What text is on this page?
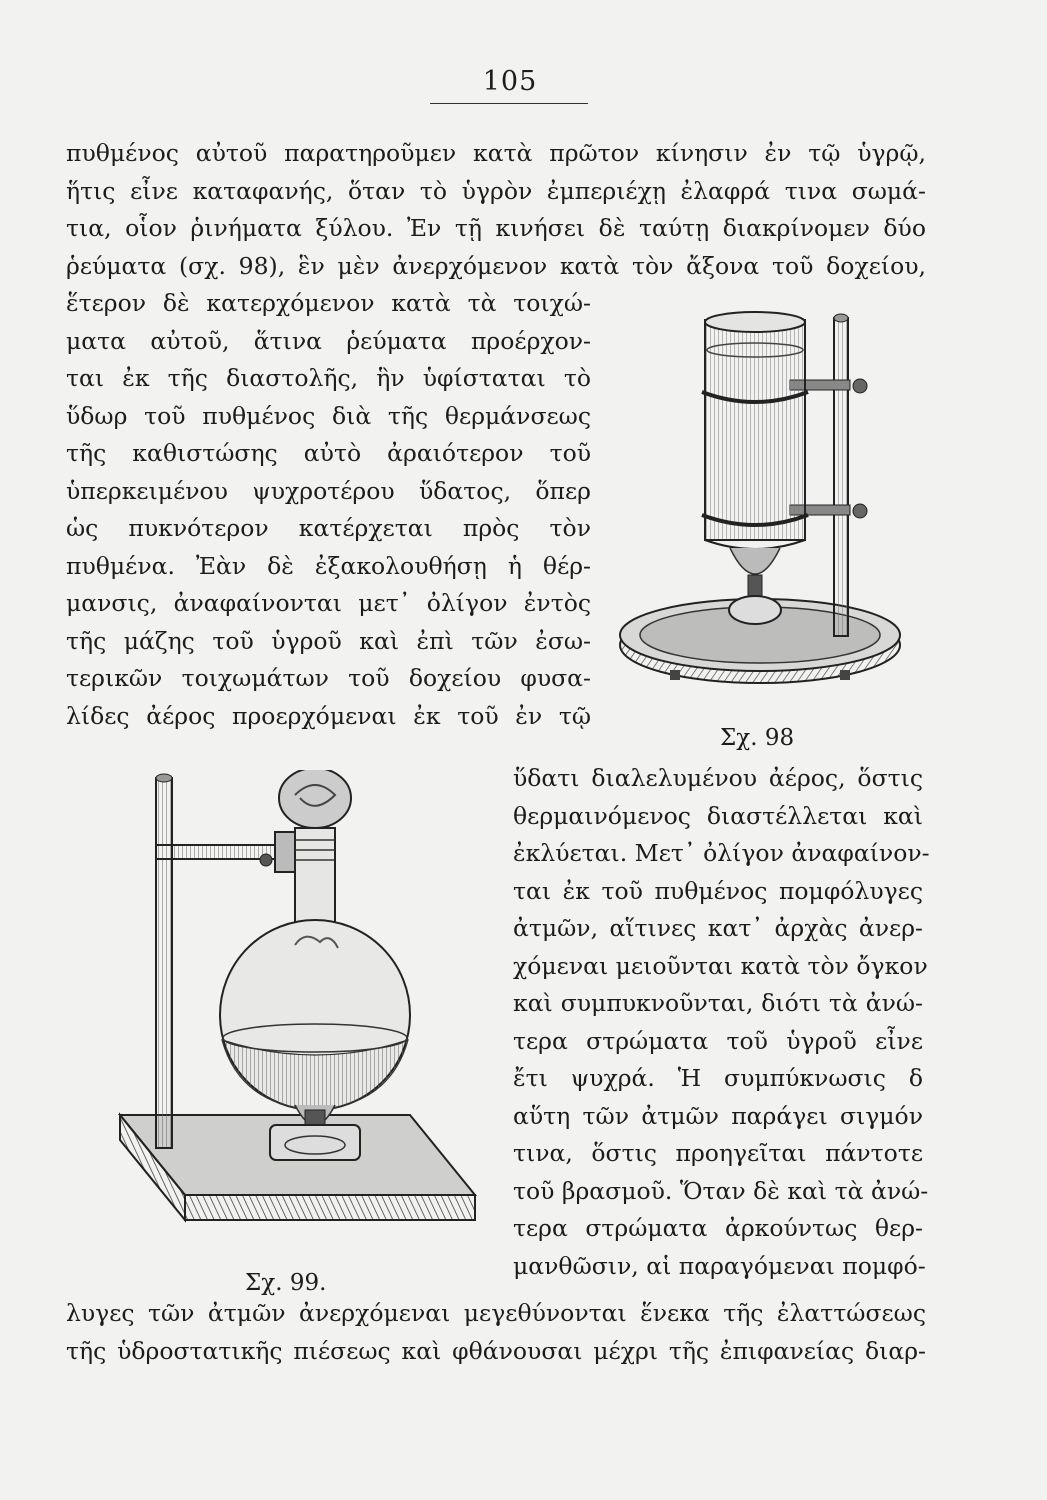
105
πυθμένος αὐτοῦ παρατηροῦμεν κατὰ πρῶτον κίνησιν ἐν τῷ ὑγρῷ,
ἥτις εἶνε καταφανής, ὅταν τὸ ὑγρὸν ἐμπεριέχῃ ἐλαφρά τινα σωμά-
τια, οἷον ῥινήματα ξύλου. Ἐν τῇ κινήσει δὲ ταύτῃ διακρίνομεν δύο
ῥεύματα (σχ. 98), ἓν μὲν ἀνερχόμενον κατὰ τὸν ἄξονα τοῦ δοχείου,
ἕτερον δὲ κατερχόμενον κατὰ τὰ τοιχώ-
ματα αὐτοῦ, ἅτινα ῥεύματα προέρχον-
ται ἐκ τῆς διαστολῆς, ἣν ὑφίσταται τὸ
ὕδωρ τοῦ πυθμένος διὰ τῆς θερμάνσεως
τῆς καθιστώσης αὐτὸ ἀραιότερον τοῦ
ὑπερκειμένου ψυχροτέρου ὕδατος, ὅπερ
ὡς πυκνότερον κατέρχεται πρὸς τὸν
πυθμένα. Ἐὰν δὲ ἐξακολουθήσῃ ἡ θέρ-
μανσις, ἀναφαίνονται μετ᾽ ὀλίγον ἐντὸς
τῆς μάζης τοῦ ὑγροῦ καὶ ἐπὶ τῶν ἐσω-
τερικῶν τοιχωμάτων τοῦ δοχείου φυσα-
λίδες ἀέρος προερχόμεναι ἐκ τοῦ ἐν τῷ
Σχ. 98
ὕδατι διαλελυμένου ἀέρος, ὅστις
θερμαινόμενος διαστέλλεται καὶ
ἐκλύεται. Μετ᾽ ὀλίγον ἀναφαίνον-
ται ἐκ τοῦ πυθμένος πομφόλυγες
ἀτμῶν, αἵτινες κατ᾽ ἀρχὰς ἀνερ-
χόμεναι μειοῦνται κατὰ τὸν ὄγκον
καὶ συμπυκνοῦνται, διότι τὰ ἀνώ-
τερα στρώματα τοῦ ὑγροῦ εἶνε
ἔτι ψυχρά. Ἡ συμπύκνωσις δ
αὕτη τῶν ἀτμῶν παράγει σιγμόν
τινα, ὅστις προηγεῖται πάντοτε
τοῦ βρασμοῦ. Ὅταν δὲ καὶ τὰ ἀνώ-
τερα στρώματα ἀρκούντως θερ-
μανθῶσιν, αἱ παραγόμεναι πομφό-
Σχ. 99.
λυγες τῶν ἀτμῶν ἀνερχόμεναι μεγεθύνονται ἕνεκα τῆς ἐλαττώσεως
τῆς ὑδροστατικῆς πιέσεως καὶ φθάνουσαι μέχρι τῆς ἐπιφανείας διαρ-
